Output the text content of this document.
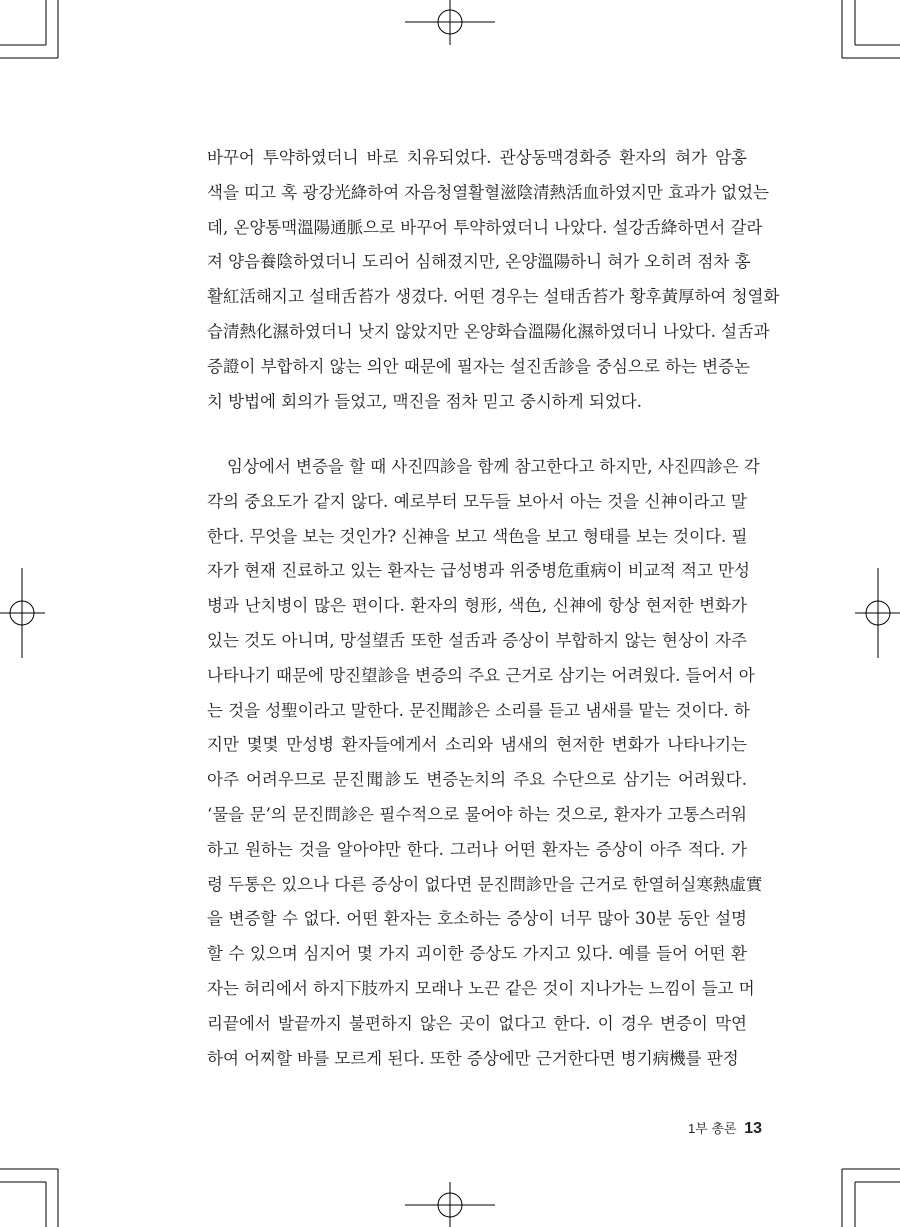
바꾸어 투약하였더니 바로 치유되었다. 관상동맥경화증 환자의 혀가 암홍
색을 띠고 혹 광강光絳하여 자음청열활혈滋陰清熱活血하였지만 효과가 없었는
데, 온양통맥溫陽通脈으로 바꾸어 투약하였더니 나았다. 설강舌絳하면서 갈라
져 양음養陰하였더니 도리어 심해졌지만, 온양溫陽하니 혀가 오히려 점차 홍
활紅活해지고 설태舌苔가 생겼다. 어떤 경우는 설태舌苔가 황후黃厚하여 청열화
습清熱化濕하였더니 낫지 않았지만 온양화습溫陽化濕하였더니 나았다. 설舌과
증證이 부합하지 않는 의안 때문에 필자는 설진舌診을 중심으로 하는 변증논
치 방법에 회의가 들었고, 맥진을 점차 믿고 중시하게 되었다.
임상에서 변증을 할 때 사진四診을 함께 참고한다고 하지만, 사진四診은 각
각의 중요도가 같지 않다. 예로부터 모두들 보아서 아는 것을 신神이라고 말
한다. 무엇을 보는 것인가? 신神을 보고 색色을 보고 형태를 보는 것이다. 필
자가 현재 진료하고 있는 환자는 급성병과 위중병危重病이 비교적 적고 만성
병과 난치병이 많은 편이다. 환자의 형形, 색色, 신神에 항상 현저한 변화가
있는 것도 아니며, 망설望舌 또한 설舌과 증상이 부합하지 않는 현상이 자주
나타나기 때문에 망진望診을 변증의 주요 근거로 삼기는 어려웠다. 들어서 아
는 것을 성聖이라고 말한다. 문진聞診은 소리를 듣고 냄새를 맡는 것이다. 하
지만 몇몇 만성병 환자들에게서 소리와 냄새의 현저한 변화가 나타나기는
아주 어려우므로 문진聞診도 변증논치의 주요 수단으로 삼기는 어려웠다.
‘물을 문’의 문진問診은 필수적으로 물어야 하는 것으로, 환자가 고통스러워
하고 원하는 것을 알아야만 한다. 그러나 어떤 환자는 증상이 아주 적다. 가
령 두통은 있으나 다른 증상이 없다면 문진問診만을 근거로 한열허실寒熱虛實
을 변증할 수 없다. 어떤 환자는 호소하는 증상이 너무 많아 30분 동안 설명
할 수 있으며 심지어 몇 가지 괴이한 증상도 가지고 있다. 예를 들어 어떤 환
자는 허리에서 하지下肢까지 모래나 노끈 같은 것이 지나가는 느낌이 들고 머
리끝에서 발끝까지 불편하지 않은 곳이 없다고 한다. 이 경우 변증이 막연
하여 어찌할 바를 모르게 된다. 또한 증상에만 근거한다면 병기病機를 판정
1부 총론 13
